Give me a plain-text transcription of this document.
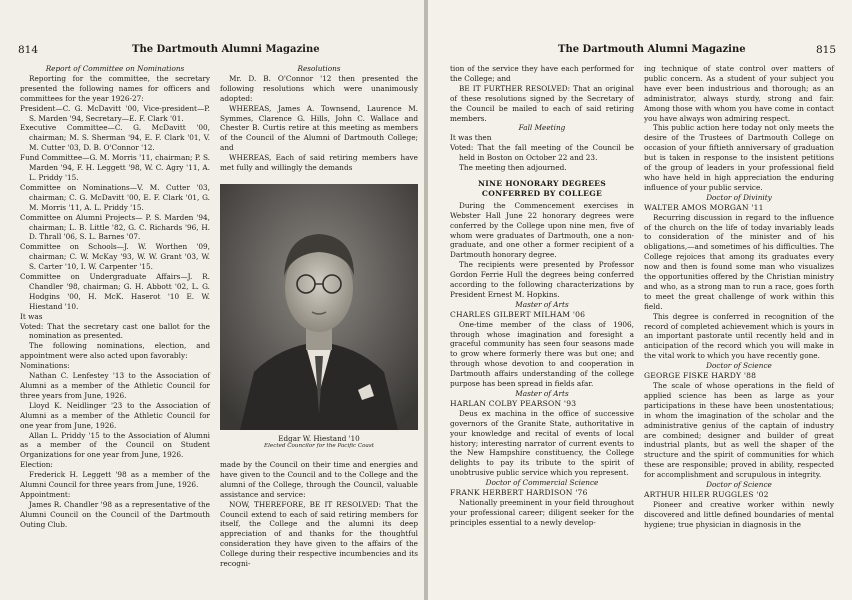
814	The Dartmouth Alumni Magazine

Report of Committee on Nominations

Reporting for the committee, the secretary presented the following names for officers and committees for the year 1926-27:

President—C. G. McDavitt '00, Vice-president—P. S. Marden '94, Secretary—E. F. Clark '01.

Executive Committee—C. G. McDavitt '00, chairman; M. S. Sherman '94, E. F. Clark '01, V. M. Cutter '03, D. B. O'Connor '12.

Fund Committee—G. M. Morris '11, chairman; P. S. Marden '94, F. H. Leggett '98, W. C. Agry '11, A. L. Priddy '15.

Committee on Nominations—V. M. Cutter '03, chairman; C. G. McDavitt '00, E. F. Clark '01, G. M. Morris '11, A. L. Priddy '15.

Committee on Alumni Projects— P. S. Marden '94, chairman; L. B. Little '82, G. C. Richards '96, H. D. Thrall '06, S. L. Barnes '07.

Committee on Schools—J. W. Worthen '09, chairman; C. W. McKay '93, W. W. Grant '03, W. S. Carter '10, I. W. Carpenter '15.

Committee on Undergraduate Affairs—J. R. Chandler '98, chairman; G. H. Abbott '02, L. G. Hodgins '00, H. McK. Haserot '10 E. W. Hiestand '10.

It was

Voted: That the secretary cast one ballot for the nomination as presented.

The following nominations, election, and appointment were also acted upon favorably:

Nominations:

Nathan C. Lenfestey '13 to the Association of Alumni as a member of the Athletic Council for three years from June, 1926.

Lloyd K. Neidlinger '23 to the Association of Alumni as a member of the Athletic Council for one year from June, 1926.

Allan L. Priddy '15 to the Association of Alumni as a member of the Council on Student Organizations for one year from June, 1926.

Election:

Frederick H. Leggett '98 as a member of the Alumni Council for three years from June, 1926.

Appointment:

James R. Chandler '98 as a representative of the Alumni Council on the Council of the Dartmouth Outing Club.

Resolutions

Mr. D. B. O'Connor '12 then presented the following resolutions which were unanimously adopted:

WHEREAS, James A. Townsend, Laurence M. Symmes, Clarence G. Hills, John C. Wallace and Chester B. Curtis retire at this meeting as members of the Council of the Alumni of Dartmouth College; and

WHEREAS, Each of said retiring members have met fully and willingly the demands

Edgar W. Hiestand '10
Elected Councilor for the Pacific Coast

made by the Council on their time and energies and have given to the Council and to the College and the alumni of the College, through the Council, valuable assistance and service:

NOW, THEREFORE, BE IT RESOLVED: That the Council extend to each of said retiring members for itself, the College and the alumni its deep appreciation of and thanks for the thoughtful consideration they have given to the affairs of the College during their respective incumbencies and its recogni-

The Dartmouth Alumni Magazine	815

tion of the service they have each performed for the College; and

BE IT FURTHER RESOLVED: That an original of these resolutions signed by the Secretary of the Council be mailed to each of said retiring members.

Fall Meeting

It was then

Voted: That the fall meeting of the Council be held in Boston on October 22 and 23.

The meeting then adjourned.

NINE HONORARY DEGREES CONFERRED BY COLLEGE

During the Commencement exercises in Webster Hall June 22 honorary degrees were conferred by the College upon nine men, five of whom were graduates of Dartmouth, one a non-graduate, and one other a former recipient of a Dartmouth honorary degree.

The recipients were presented by Professor Gordon Ferrie Hull the degrees being conferred according to the following characterizations by President Ernest M. Hopkins.

Master of Arts

CHARLES GILBERT MILHAM '06

One-time member of the class of 1906, through whose imagination and foresight a graceful community has seen four seasons made to grow where formerly there was but one; and through whose devotion to and cooperation in Dartmouth affairs understanding of the college purpose has been spread in fields afar.

Master of Arts

HARLAN COLBY PEARSON '93

Deus ex machina in the office of successive governors of the Granite State, authoritative in your knowledge and recital of events of local history; interesting narrator of current events to the New Hampshire constituency, the College delights to pay its tribute to the spirit of unobtrusive public service which you represent.

Doctor of Commercial Science

FRANK HERBERT HARDISON '76

Nationally preeminent in your field throughout your professional career; diligent seeker for the principles essential to a newly develop-

ing technique of state control over matters of public concern. As a student of your subject you have ever been industrious and thorough; as an administrator, always sturdy, strong and fair. Among those with whom you have come in contact you have always won admiring respect.

This public action here today not only meets the desire of the Trustees of Dartmouth College on occasion of your fiftieth anniversary of graduation but is taken in response to the insistent petitions of the group of leaders in your professional field who have held in high appreciation the enduring influence of your public service.

Doctor of Divinity

WALTER AMOS MORGAN '11

Recurring discussion in regard to the influence of the church on the life of today invariably leads to consideration of the minister and of his obligations,—and sometimes of his difficulties. The College rejoices that among its graduates every now and then is found some man who visualizes the opportunities offered by the Christian ministry and who, as a strong man to run a race, goes forth to meet the great challenge of work within this field.

This degree is conferred in recognition of the record of completed achievement which is yours in an important pastorate until recently held and in anticipation of the record which you will make in the vital work to which you have recently gone.

Doctor of Science

GEORGE FISKE HARDY '88

The scale of whose operations in the field of applied science has been as large as your participations in these have been unostentatious; in whom the imagination of the scholar and the administrative genius of the captain of industry are combined; designer and builder of great industrial plants, but as well the shaper of the structure and the spirit of communities for which these are responsible; proved in ability, respected for accomplishment and scrupulous in integrity.

Doctor of Science

ARTHUR HILER RUGGLES '02

Pioneer and creative worker within newly discovered and little defined boundaries of mental hygiene; true physician in diagnosis in the
